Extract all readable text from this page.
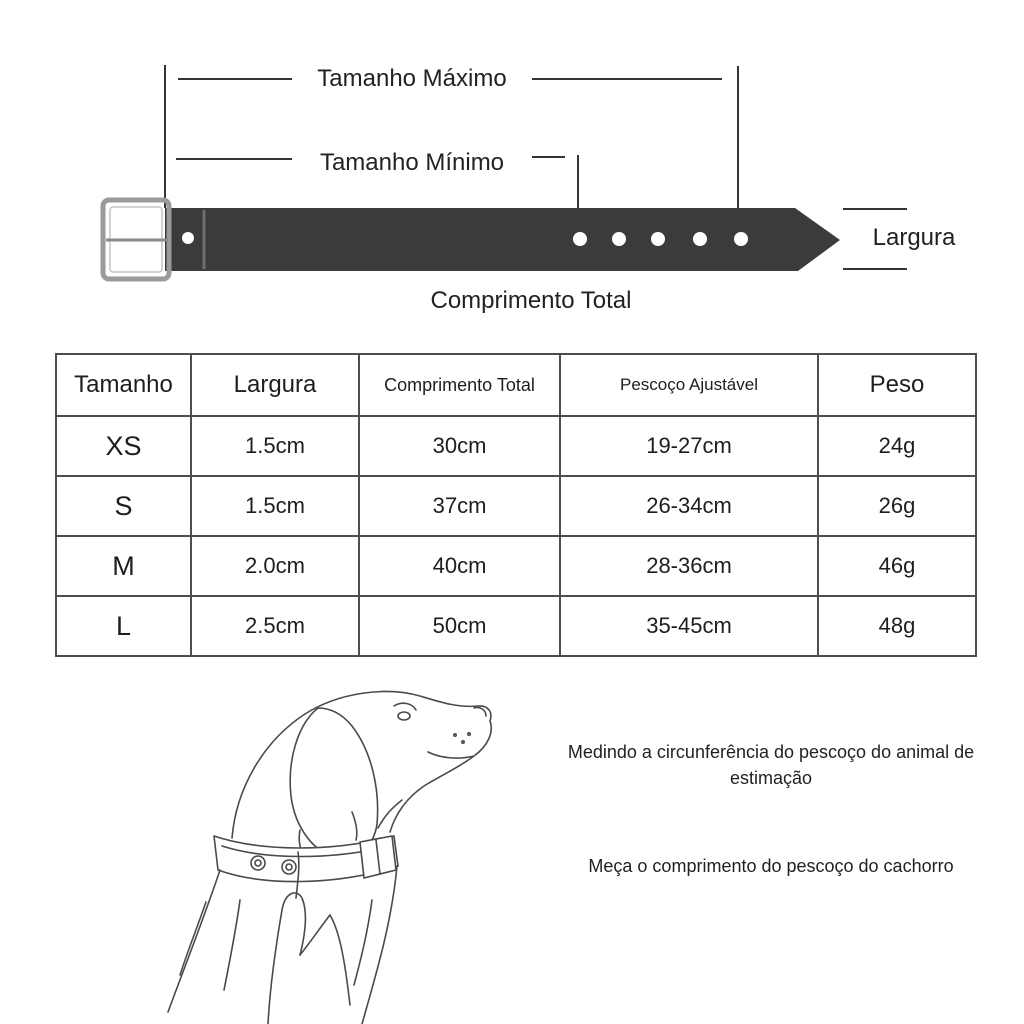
Tamanho Máximo
Tamanho Mínimo
Largura
Comprimento Total
Tamanho	Largura	Comprimento Total	Pescoço Ajustável	Peso
XS	1.5cm	30cm	19-27cm	24g
S	1.5cm	37cm	26-34cm	26g
M	2.0cm	40cm	28-36cm	46g
L	2.5cm	50cm	35-45cm	48g
Medindo a circunferência do pescoço do animal de
estimação
Meça o comprimento do pescoço do cachorro
